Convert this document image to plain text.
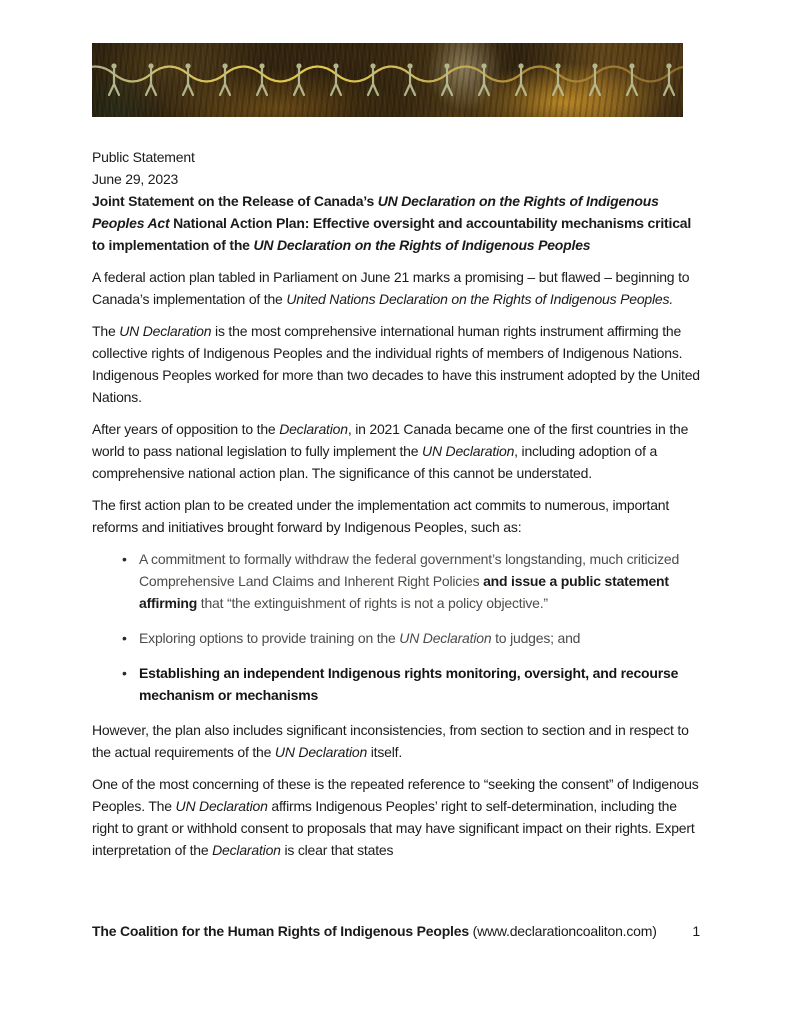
Public Statement

June 29, 2023

Joint Statement on the Release of Canada’s UN Declaration on the Rights of Indigenous Peoples Act National Action Plan: Effective oversight and accountability mechanisms critical to implementation of the UN Declaration on the Rights of Indigenous Peoples

A federal action plan tabled in Parliament on June 21 marks a promising – but flawed – beginning to Canada’s implementation of the United Nations Declaration on the Rights of Indigenous Peoples.

The UN Declaration is the most comprehensive international human rights instrument affirming the collective rights of Indigenous Peoples and the individual rights of members of Indigenous Nations. Indigenous Peoples worked for more than two decades to have this instrument adopted by the United Nations.

After years of opposition to the Declaration, in 2021 Canada became one of the first countries in the world to pass national legislation to fully implement the UN Declaration, including adoption of a comprehensive national action plan. The significance of this cannot be understated.

The first action plan to be created under the implementation act commits to numerous, important reforms and initiatives brought forward by Indigenous Peoples, such as:

• A commitment to formally withdraw the federal government’s longstanding, much criticized Comprehensive Land Claims and Inherent Right Policies and issue a public statement affirming that “the extinguishment of rights is not a policy objective.”
• Exploring options to provide training on the UN Declaration to judges; and
• Establishing an independent Indigenous rights monitoring, oversight, and recourse mechanism or mechanisms

However, the plan also includes significant inconsistencies, from section to section and in respect to the actual requirements of the UN Declaration itself.

One of the most concerning of these is the repeated reference to “seeking the consent” of Indigenous Peoples. The UN Declaration affirms Indigenous Peoples’ right to self-determination, including the right to grant or withhold consent to proposals that may have significant impact on their rights. Expert interpretation of the Declaration is clear that states

The Coalition for the Human Rights of Indigenous Peoples (www.declarationcoaliton.com)	1
